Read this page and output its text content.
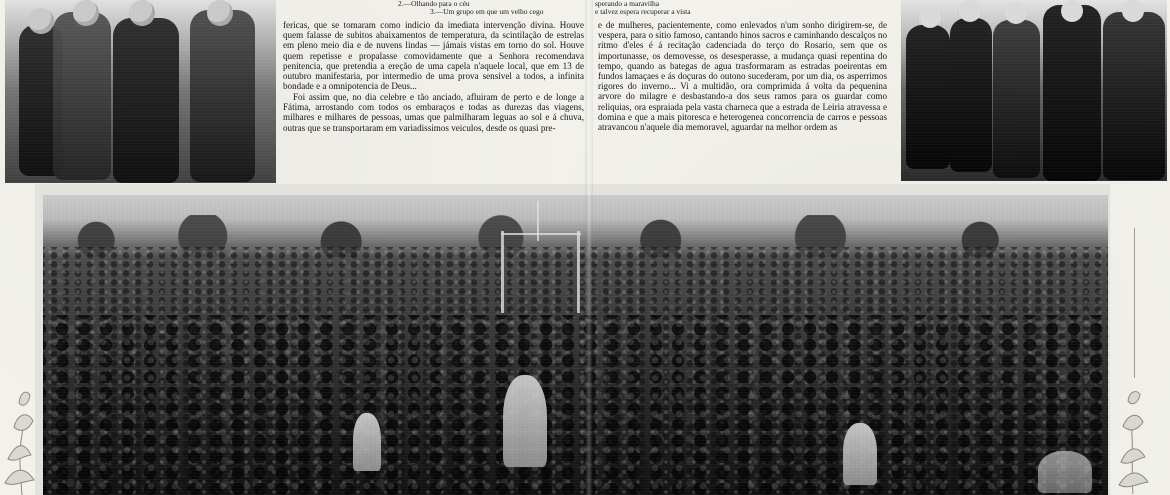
2.—Olhando para o céu	sperando a maravilha
3.—Um grupo em que um velho cego	e talvez espera recuperar a vista

fericas, que se tomaram como indicio da imediata intervenção divina. Houve quem falasse de subitos abaixamentos de temperatura, da scintilação de estrelas em pleno meio dia e de nuvens lindas — jámais vistas em torno do sol. Houve quem repetisse e propalasse comovidamente que a Senhora recomendava penitencia, que pretendia a ereção de uma capela n'aquele local, que em 13 de outubro manifestaria, por intermedio de uma prova sensivel a todos, a infinita bondade e a omnipotencia de Deus...

Foi assim que, no dia celebre e tão anciado, afluiram de perto e de longe a Fátima, arrostando com todos os embaraços e todas as durezas das viagens, milhares e milhares de pessoas, umas que palmilharam leguas ao sol e á chuva, outras que se transportaram em variadissimos veiculos, desde os quasi pre-

e de mulheres, pacientemente, como enlevados n'um sonho dirigirem-se, de vespera, para o sitio famoso, cantando hinos sacros e caminhando descalços no ritmo d'eles é á recitação cadenciada do terço do Rosario, sem que os importunasse, os demovesse, os desesperasse, a mudança quasi repentina do tempo, quando as bategas de agua trasformaram as estradas poeirentas em fundos lamaçaes e ás doçuras do outono sucederam, por um dia, os asperrimos rigores do inverno... Vi a multidão, ora comprimida á volta da pequenina arvore do milagre e desbastando-a dos seus ramos para os guardar como reliquias, ora espraiada pela vasta charneca que a estrada de Leiria atravessa e domina e que a mais pitoresca e heterogenea concorrencia de carros e pessoas atravancou n'aquele dia memoravel, aguardar na melhor ordem as
